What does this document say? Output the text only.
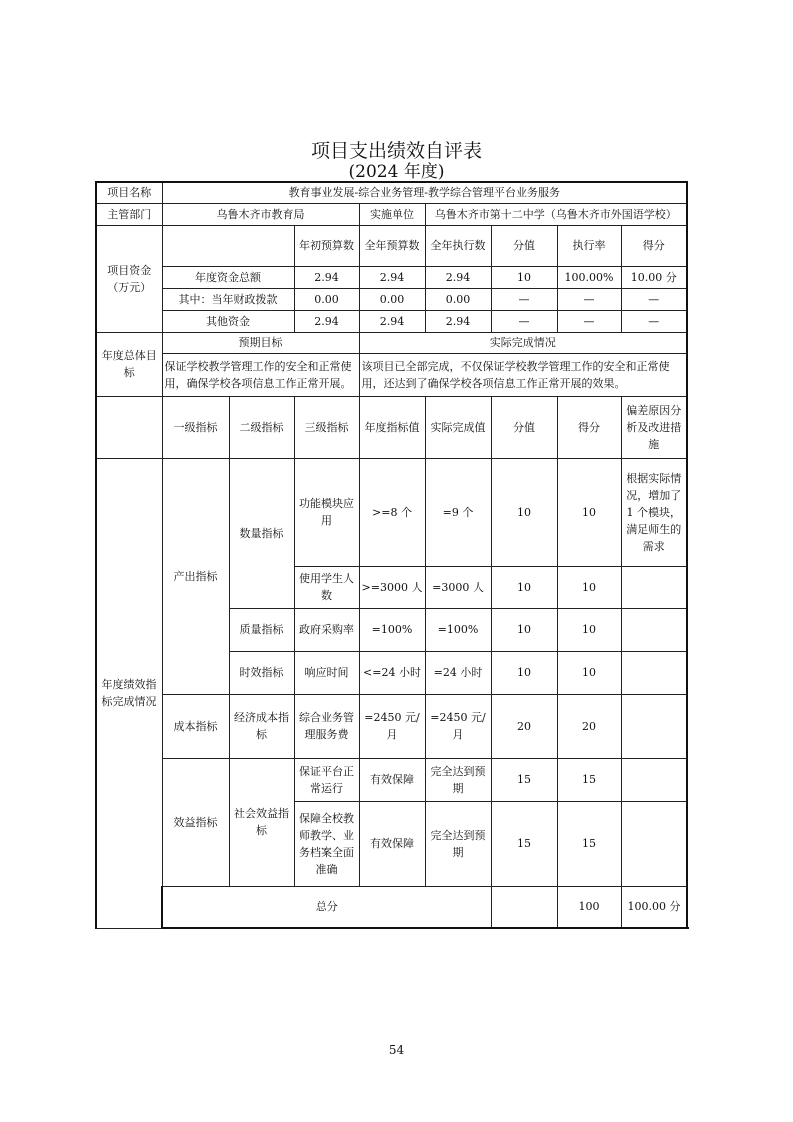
项目支出绩效自评表
(2024 年度)
项目名称	教育事业发展-综合业务管理-教学综合管理平台业务服务								
主管部门	乌鲁木齐市教育局			实施单位	乌鲁木齐市第十二中学（乌鲁木齐市外国语学校）				
项目资金
（万元）			年初预算数	全年预算数	全年执行数	分值	执行率	得分	
	年度资金总额		2.94	2.94	2.94	10	100.00%	10.00 分	
	其中：当年财政拨款		0.00	0.00	0.00	—	—	—	
	其他资金		2.94	2.94	2.94	—	—	—	
年度总体目标	预期目标			实际完成情况					
	保证学校教学管理工作的安全和正常使用，确保学校各项信息工作正常开展。			该项目已全部完成，不仅保证学校教学管理工作的安全和正常使用，还达到了确保学校各项信息工作正常开展的效果。					
	一级指标	二级指标	三级指标	年度指标值	实际完成值	分值	得分	偏差原因分析及改进措施	
年度绩效指标完成情况	产出指标	数量指标	功能模块应用	>=8 个	=9 个	10	10	根据实际情况，增加了 1 个模块，满足师生的需求	
			使用学生人数	>=3000 人	=3000 人	10	10		
		质量指标	政府采购率	=100%	=100%	10	10		
		时效指标	响应时间	<=24 小时	=24 小时	10	10		
	成本指标	经济成本指标	综合业务管理服务费	=2450 元/月	=2450 元/月	20	20		
	效益指标	社会效益指标	保证平台正常运行	有效保障	完全达到预期	15	15		
			保障全校教师教学、业务档案全面准确	有效保障	完全达到预期	15	15		
	总分						100	100.00 分	
54
